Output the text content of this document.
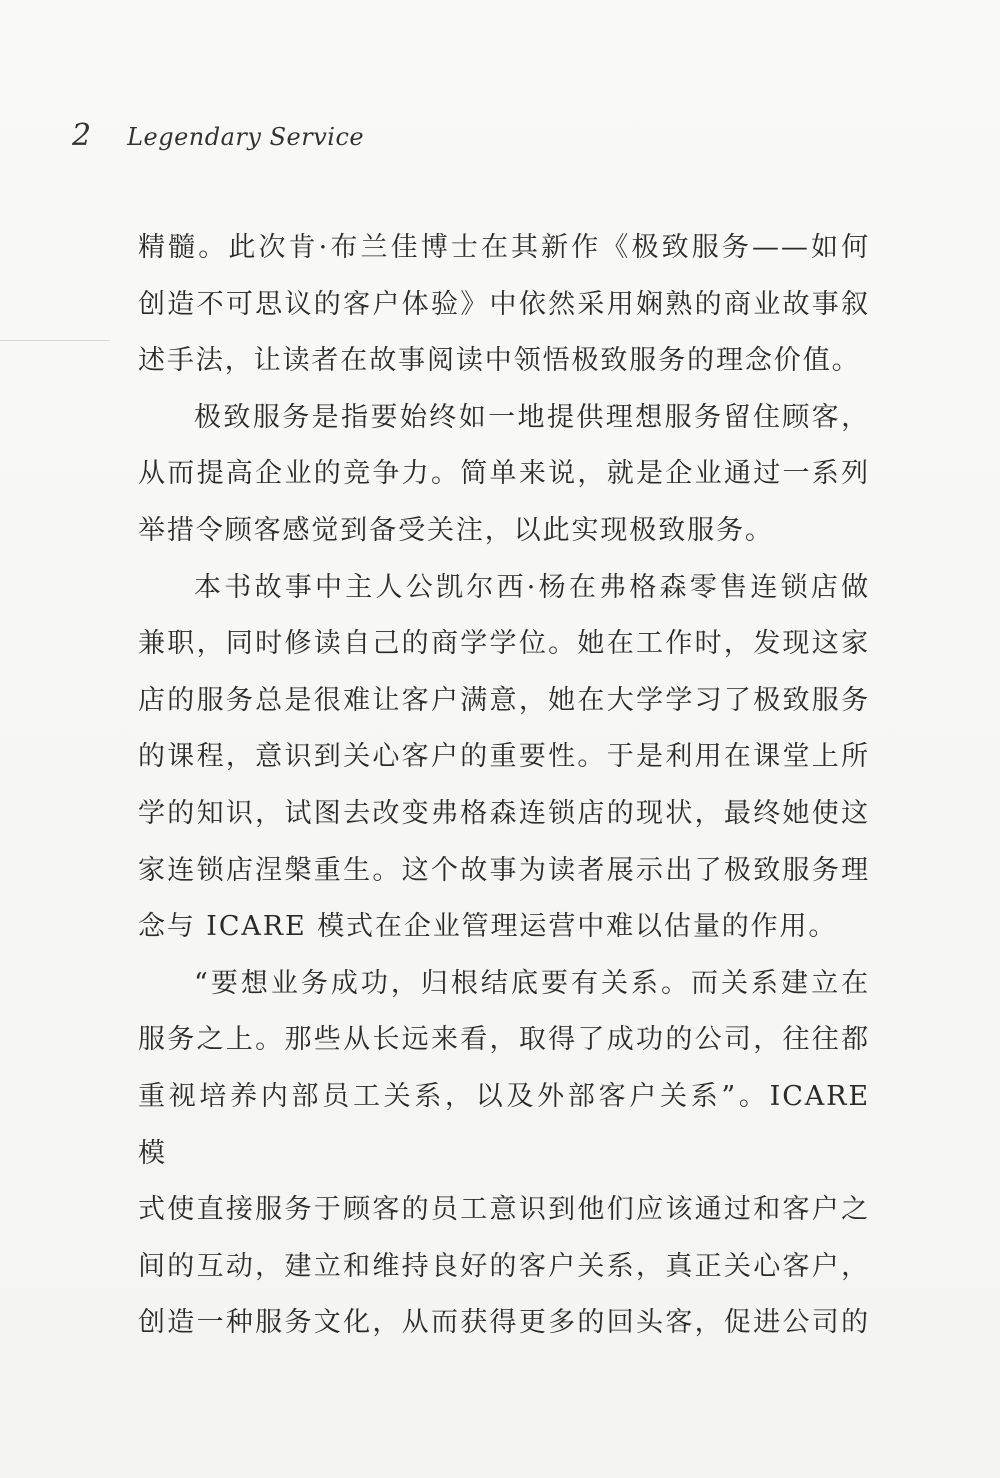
2 Legendary Service

精髓。此次肯·布兰佳博士在其新作《极致服务——如何

创造不可思议的客户体验》中依然采用娴熟的商业故事叙

述手法，让读者在故事阅读中领悟极致服务的理念价值。

极致服务是指要始终如一地提供理想服务留住顾客，

从而提高企业的竞争力。简单来说，就是企业通过一系列

举措令顾客感觉到备受关注，以此实现极致服务。

本书故事中主人公凯尔西·杨在弗格森零售连锁店做

兼职，同时修读自己的商学学位。她在工作时，发现这家

店的服务总是很难让客户满意，她在大学学习了极致服务

的课程，意识到关心客户的重要性。于是利用在课堂上所

学的知识，试图去改变弗格森连锁店的现状，最终她使这

家连锁店涅槃重生。这个故事为读者展示出了极致服务理

念与 ICARE 模式在企业管理运营中难以估量的作用。

“要想业务成功，归根结底要有关系。而关系建立在

服务之上。那些从长远来看，取得了成功的公司，往往都

重视培养内部员工关系，以及外部客户关系”。ICARE 模

式使直接服务于顾客的员工意识到他们应该通过和客户之

间的互动，建立和维持良好的客户关系，真正关心客户，

创造一种服务文化，从而获得更多的回头客，促进公司的
